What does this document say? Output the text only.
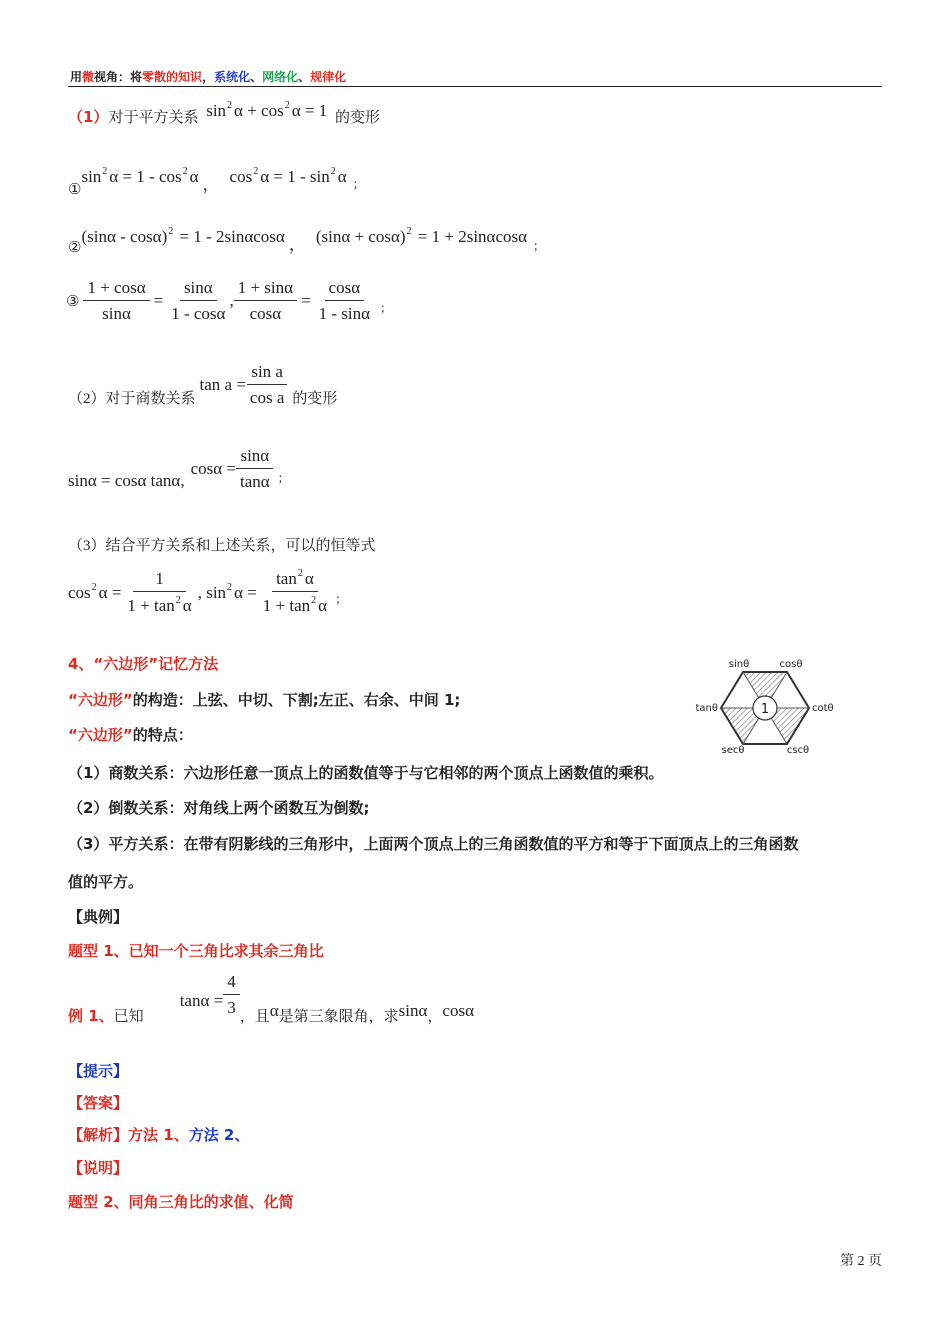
用微视角：将零散的知识，系统化、网络化、规律化
（1）对于平方关系 $\sin^2 \alpha + \cos^2 \alpha = 1$ 的变形
$①\sin^2$ $\alpha = 1 - \cos^2 \alpha$ ， $\cos^2 \alpha = 1 - \sin^2 \alpha$ $_;$
②(sinα - cosα)$^2$ = 1 - 2sinαcosα ， $(\sin\alpha + \cos\alpha)^2 = 1 + 2\sin\alpha\cos\alpha$ $_;$
③ $\frac{1 + \cos\alpha}{\sin\alpha} = \frac{\sin\alpha}{1 - \cos\alpha}$ , $\frac{1 + \sin\alpha}{\cos\alpha} = \frac{\cos\alpha}{1 - \sin\alpha}$ ；
（2）对于商数关系
$\tan a = \frac{\text{sin a}}{\text{cos a}}$ 的变形
sinα = cosα tanα,
$\cos\alpha = \frac{\sin\alpha}{\tan\alpha}$ ；
（3）结合平方关系和上述关系，可以的恒等式
$\cos^2 \alpha = \frac{1}{1 + \tan^2 \alpha}$ , $\sin^2 \alpha = \frac{\tan^2 \alpha}{1 + \tan^2 \alpha}$ ；
4、“六边形”记忆方法
“六边形”的构造：上弦、中切、下割;左正、右余、中间 1;
“六边形”的特点：
（1）商数关系：六边形任意一顶点上的函数值等于与它相邻的两个顶点上函数值的乘积。
（2）倒数关系：对角线上两个函数互为倒数;
（3）平方关系：在带有阴影线的三角形中，上面两个顶点上的三角函数值的平方和等于下面顶点上的三角函数
值的平方。
1
sinθ	cosθ
tanθ	cotθ
secθ	cscθ
【典例】
题型 1、已知一个三角比求其余三角比
例 1、 已知
$\tan\alpha = \frac{4}{3}$ ，且 α 是第三象限角，求 sinα ， cosα
【提示】
【答案】
【解析】方法 1、方法 2、
【说明】
题型 2、同角三角比的求值、化简
第 2 页
